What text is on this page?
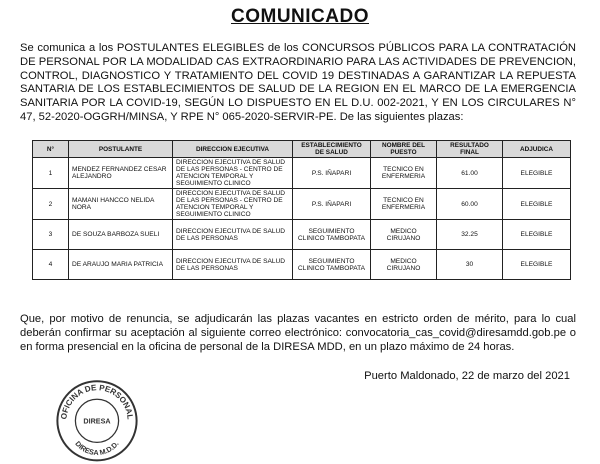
COMUNICADO
Se comunica a los POSTULANTES ELEGIBLES de los CONCURSOS PÚBLICOS PARA LA CONTRATACIÓN DE PERSONAL POR LA MODALIDAD CAS EXTRAORDINARIO PARA LAS ACTIVIDADES DE PREVENCION, CONTROL, DIAGNOSTICO Y TRATAMIENTO DEL COVID 19 DESTINADAS A GARANTIZAR LA REPUESTA SANTARIA DE LOS ESTABLECIMIENTOS DE SALUD DE LA REGION EN EL MARCO DE LA EMERGENCIA SANITARIA POR LA COVID-19, SEGÚN LO DISPUESTO EN EL D.U. 002-2021, Y EN LOS CIRCULARES N° 47, 52-2020-OGGRH/MINSA, Y RPE N° 065-2020-SERVIR-PE. De las siguientes plazas:
N°	POSTULANTE	DIRECCION EJECUTIVA	ESTABLECIMIENTO DE SALUD	NOMBRE DEL PUESTO	RESULTADO FINAL	ADJUDICA
1	MENDEZ FERNANDEZ CESAR ALEJANDRO	DIRECCION EJECUTIVA DE SALUD DE LAS PERSONAS - CENTRO DE ATENCION TEMPORAL Y SEGUIMIENTO CLINICO	P.S. IÑAPARI	TECNICO EN ENFERMERIA	61.00	ELEGIBLE
2	MAMANI HANCCO NELIDA NORA	DIRECCION EJECUTIVA DE SALUD DE LAS PERSONAS - CENTRO DE ATENCION TEMPORAL Y SEGUIMIENTO CLINICO	P.S. IÑAPARI	TECNICO EN ENFERMERIA	60.00	ELEGIBLE
3	DE SOUZA BARBOZA SUELI	DIRECCION EJECUTIVA DE SALUD DE LAS PERSONAS	SEGUIMIENTO CLINICO TAMBOPATA	MEDICO CIRUJANO	32.25	ELEGIBLE
4	DE ARAUJO MARIA PATRICIA	DIRECCION EJECUTIVA DE SALUD DE LAS PERSONAS	SEGUIMIENTO CLINICO TAMBOPATA	MEDICO CIRUJANO	30	ELEGIBLE
Que, por motivo de renuncia, se adjudicarán las plazas vacantes en estricto orden de mérito, para lo cual deberán confirmar su aceptación al siguiente correo electrónico: convocatoria_cas_covid@diresamdd.gob.pe o en forma presencial en la oficina de personal de la DIRESA MDD, en un plazo máximo de 24 horas.
Puerto Maldonado, 22 de marzo del 2021
OFICINA DE PERSONAL
DIRESA
DIRESA M.D.D.
